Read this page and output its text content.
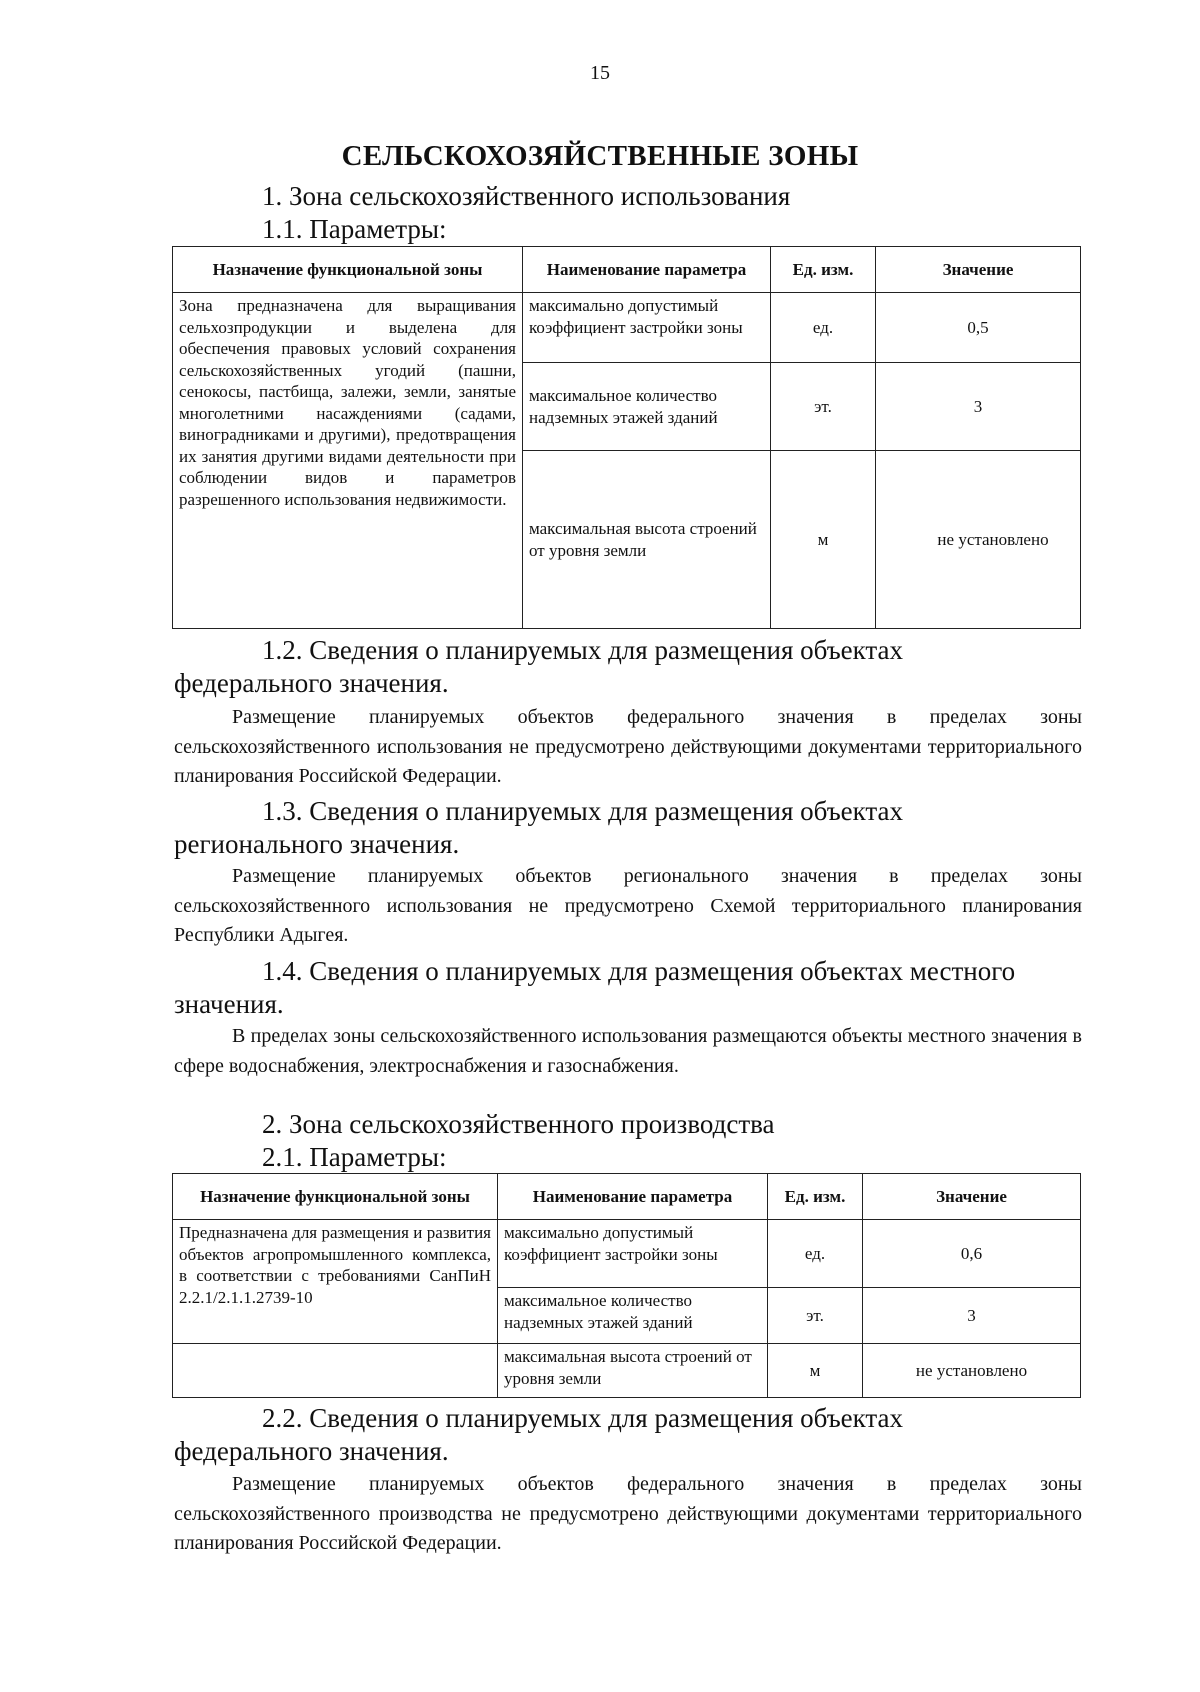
15
СЕЛЬСКОХОЗЯЙСТВЕННЫЕ ЗОНЫ
1. Зона сельскохозяйственного использования
1.1. Параметры:
Назначение функциональной зоны	Наименование параметра	Ед. изм.	Значение
Зона предназначена для выращивания сельхозпродукции и выделена для обеспечения правовых условий сохранения сельскохозяйственных угодий (пашни, сенокосы, пастбища, залежи, земли, занятые многолетними насаждениями (садами, виноградниками и другими), предотвращения их занятия другими видами деятельности при соблюдении видов и параметров разрешенного использования недвижимости.	максимально допустимый коэффициент застройки зоны	ед.	0,5
	максимальное количество надземных этажей зданий	эт.	3
	максимальная высота строений от уровня земли	м	не установлено
1.2. Сведения о планируемых для размещения объектах
федерального значения.
Размещение планируемых объектов федерального значения в пределах зоны сельскохозяйственного использования не предусмотрено действующими документами территориального планирования Российской Федерации.
1.3. Сведения о планируемых для размещения объектах
регионального значения.
Размещение планируемых объектов регионального значения в пределах зоны сельскохозяйственного использования не предусмотрено Схемой территориального планирования Республики Адыгея.
1.4. Сведения о планируемых для размещения объектах местного
значения.
В пределах зоны сельскохозяйственного использования размещаются объекты местного значения в сфере водоснабжения, электроснабжения и газоснабжения.
2. Зона сельскохозяйственного производства
2.1. Параметры:
Назначение функциональной зоны	Наименование параметра	Ед. изм.	Значение
Предназначена для размещения и развития объектов агропромышленного комплекса, в соответствии с требованиями СанПиН 2.2.1/2.1.1.2739-10	максимально допустимый коэффициент застройки зоны	ед.	0,6
	максимальное количество надземных этажей зданий	эт.	3
	максимальная высота строений от уровня земли	м	не установлено
2.2. Сведения о планируемых для размещения объектах
федерального значения.
Размещение планируемых объектов федерального значения в пределах зоны сельскохозяйственного производства не предусмотрено действующими документами территориального планирования Российской Федерации.
